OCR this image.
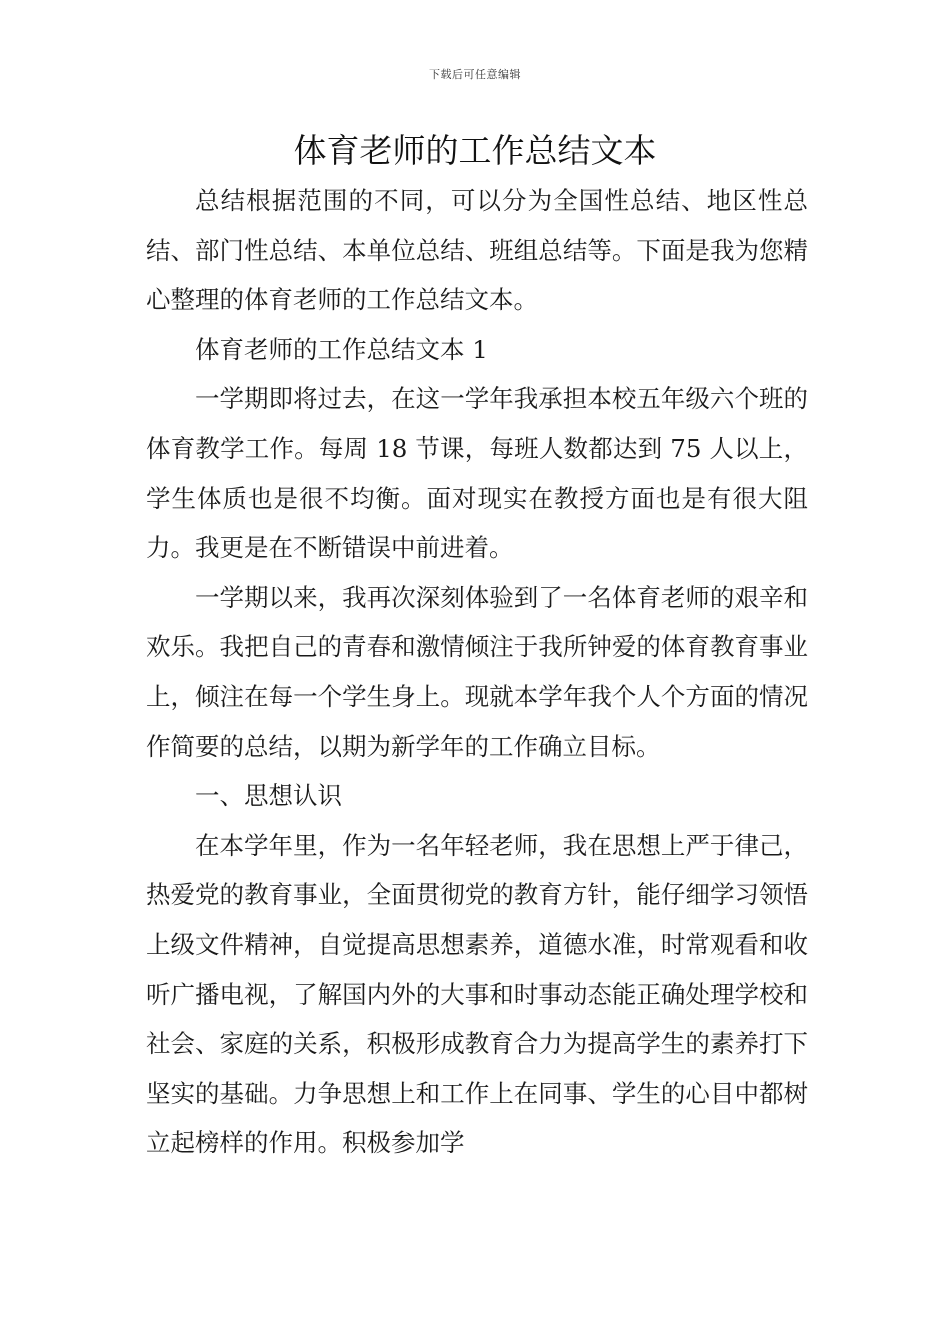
下载后可任意编辑
体育老师的工作总结文本

总结根据范围的不同，可以分为全国性总结、地区性总结、部门性总结、本单位总结、班组总结等。下面是我为您精心整理的体育老师的工作总结文本。

体育老师的工作总结文本 1

一学期即将过去，在这一学年我承担本校五年级六个班的体育教学工作。每周 18 节课，每班人数都达到 75 人以上，学生体质也是很不均衡。面对现实在教授方面也是有很大阻力。我更是在不断错误中前进着。

一学期以来，我再次深刻体验到了一名体育老师的艰辛和欢乐。我把自己的青春和激情倾注于我所钟爱的体育教育事业上，倾注在每一个学生身上。现就本学年我个人个方面的情况作简要的总结，以期为新学年的工作确立目标。

一、思想认识

在本学年里，作为一名年轻老师，我在思想上严于律己，热爱党的教育事业，全面贯彻党的教育方针，能仔细学习领悟上级文件精神，自觉提高思想素养，道德水准，时常观看和收听广播电视，了解国内外的大事和时事动态能正确处理学校和社会、家庭的关系，积极形成教育合力为提高学生的素养打下坚实的基础。力争思想上和工作上在同事、学生的心目中都树立起榜样的作用。积极参加学
